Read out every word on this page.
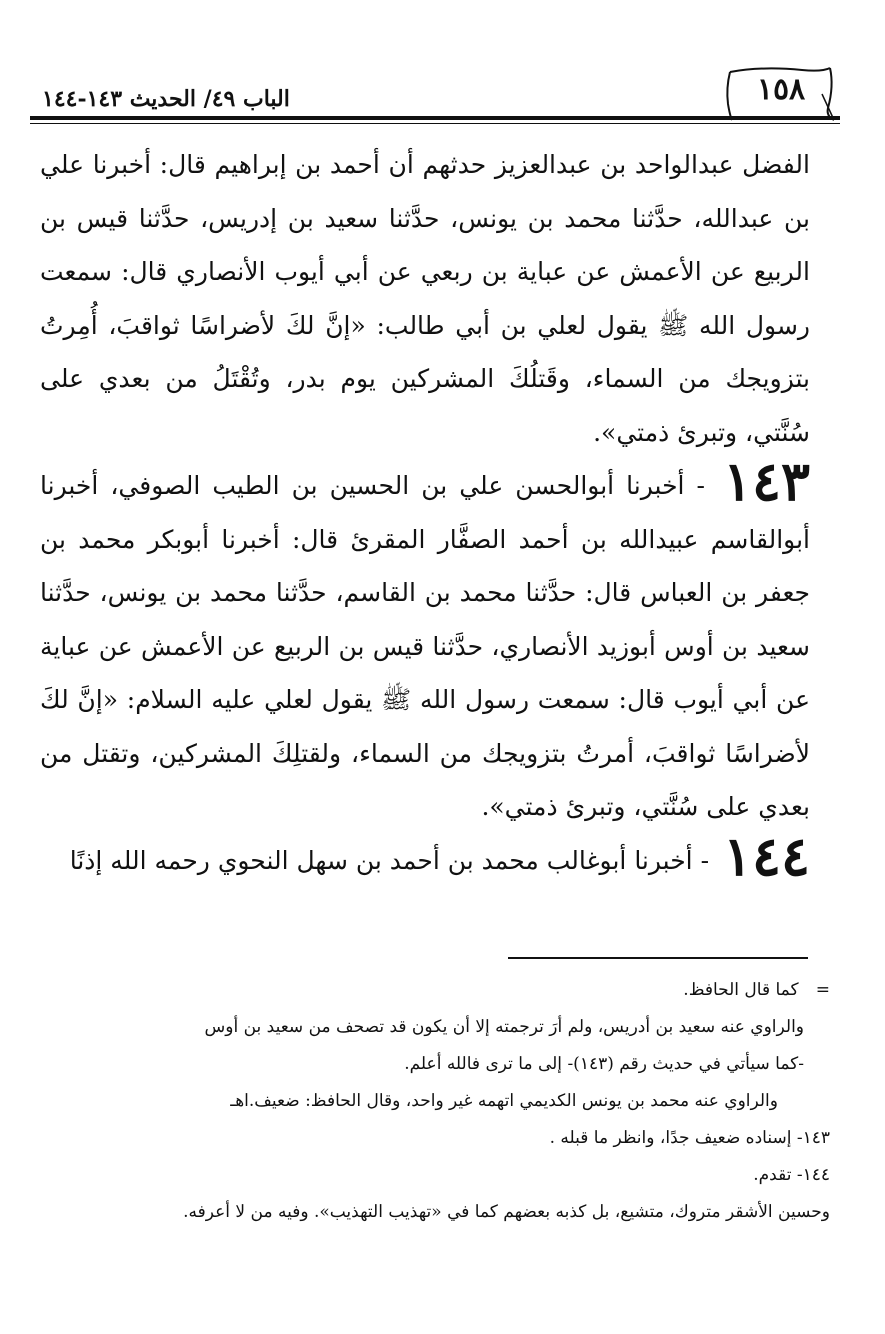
الباب ٤٩/ الحديث ١٤٣-١٤٤	١٥٨

الفضل عبدالواحد بن عبدالعزيز حدثهم أن أحمد بن إبراهيم قال: أخبرنا علي بن عبدالله، حدَّثنا محمد بن يونس، حدَّثنا سعيد بن إدريس، حدَّثنا قيس بن الربيع عن الأعمش عن عباية بن ربعي عن أبي أيوب الأنصاري قال: سمعت رسول الله ﷺ يقول لعلي بن أبي طالب: «إنَّ لكَ لأضراسًا ثواقبَ، أُمِرتُ بتزويجك من السماء، وقَتلُكَ المشركين يوم بدر، وتُقْتَلُ من بعدي على سُنَّتي، وتبرئ ذمتي».

١٤٣ - أخبرنا أبوالحسن علي بن الحسين بن الطيب الصوفي، أخبرنا أبوالقاسم عبيدالله بن أحمد الصفَّار المقرئ قال: أخبرنا أبوبكر محمد بن جعفر بن العباس قال: حدَّثنا محمد بن القاسم، حدَّثنا محمد بن يونس، حدَّثنا سعيد بن أوس أبوزيد الأنصاري، حدَّثنا قيس بن الربيع عن الأعمش عن عباية عن أبي أيوب قال: سمعت رسول الله ﷺ يقول لعلي عليه السلام: «إنَّ لكَ لأضراسًا ثواقبَ، أمرتُ بتزويجك من السماء، ولقتلِكَ المشركين، وتقتل من بعدي على سُنَّتي، وتبرئ ذمتي».

١٤٤ - أخبرنا أبوغالب محمد بن أحمد بن سهل النحوي رحمه الله إذنًا

= كما قال الحافظ.

والراوي عنه سعيد بن أدريس، ولم أرَ ترجمته إلا أن يكون قد تصحف من سعيد بن أوس

-كما سيأتي في حديث رقم (١٤٣)- إلى ما ترى فالله أعلم.

والراوي عنه محمد بن يونس الكديمي اتهمه غير واحد، وقال الحافظ: ضعيف.اهـ

١٤٣- إسناده ضعيف جدًا، وانظر ما قبله .

١٤٤- تقدم.

وحسين الأشقر متروك، متشيع، بل كذبه بعضهم كما في «تهذيب التهذيب». وفيه من لا أعرفه.
